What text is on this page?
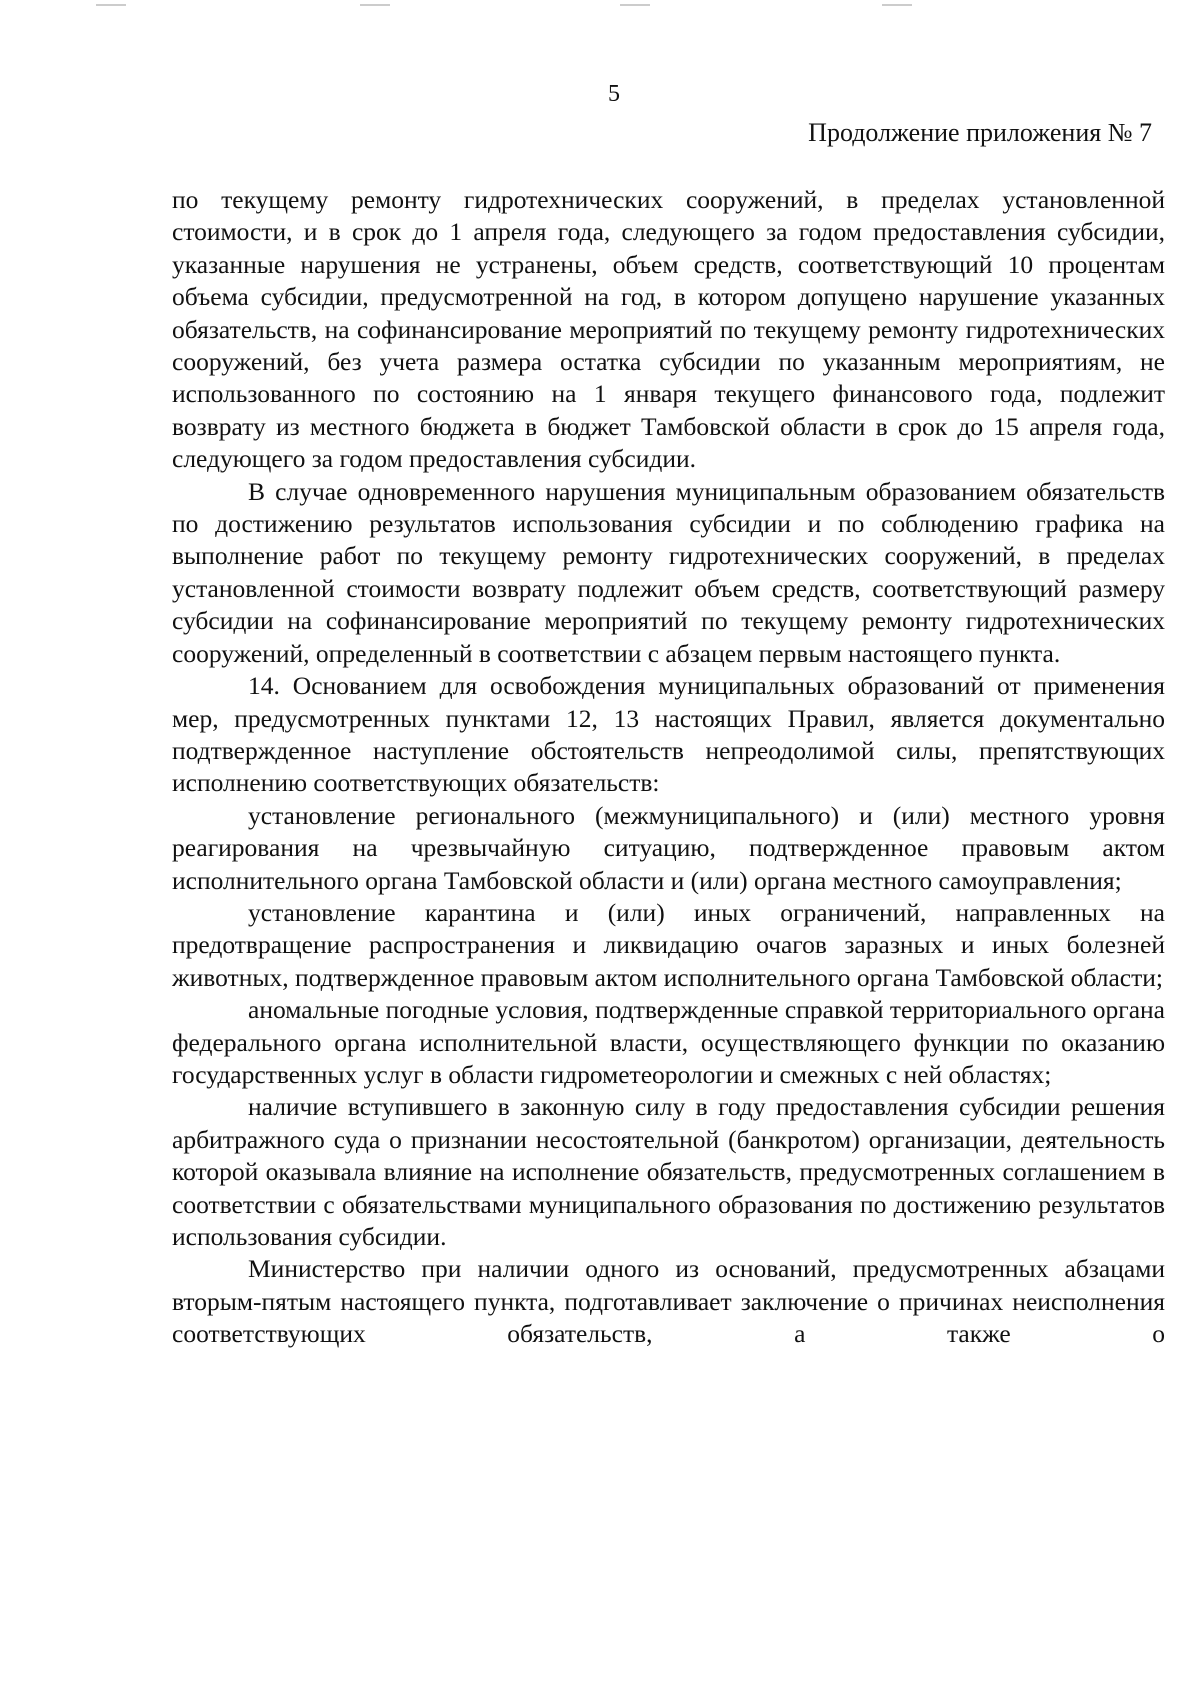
5
Продолжение приложения № 7

по текущему ремонту гидротехнических сооружений, в пределах установленной стоимости, и в срок до 1 апреля года, следующего за годом предоставления субсидии, указанные нарушения не устранены, объем средств, соответствующий 10 процентам объема субсидии, предусмотренной на год, в котором допущено нарушение указанных обязательств, на софинансирование мероприятий по текущему ремонту гидротехнических сооружений, без учета размера остатка субсидии по указанным мероприятиям, не использованного по состоянию на 1 января текущего финансового года, подлежит возврату из местного бюджета в бюджет Тамбовской области в срок до 15 апреля года, следующего за годом предоставления субсидии.

В случае одновременного нарушения муниципальным образованием обязательств по достижению результатов использования субсидии и по соблюдению графика на выполнение работ по текущему ремонту гидротехнических сооружений, в пределах установленной стоимости возврату подлежит объем средств, соответствующий размеру субсидии на софинансирование мероприятий по текущему ремонту гидротехнических сооружений, определенный в соответствии с абзацем первым настоящего пункта.

14. Основанием для освобождения муниципальных образований от применения мер, предусмотренных пунктами 12, 13 настоящих Правил, является документально подтвержденное наступление обстоятельств непреодолимой силы, препятствующих исполнению соответствующих обязательств:

установление регионального (межмуниципального) и (или) местного уровня реагирования на чрезвычайную ситуацию, подтвержденное правовым актом исполнительного органа Тамбовской области и (или) органа местного самоуправления;

установление карантина и (или) иных ограничений, направленных на предотвращение распространения и ликвидацию очагов заразных и иных болезней животных, подтвержденное правовым актом исполнительного органа Тамбовской области;

аномальные погодные условия, подтвержденные справкой территориального органа федерального органа исполнительной власти, осуществляющего функции по оказанию государственных услуг в области гидрометеорологии и смежных с ней областях;

наличие вступившего в законную силу в году предоставления субсидии решения арбитражного суда о признании несостоятельной (банкротом) организации, деятельность которой оказывала влияние на исполнение обязательств, предусмотренных соглашением в соответствии с обязательствами муниципального образования по достижению результатов использования субсидии.

Министерство при наличии одного из оснований, предусмотренных абзацами вторым-пятым настоящего пункта, подготавливает заключение о причинах неисполнения соответствующих обязательств, а также о
